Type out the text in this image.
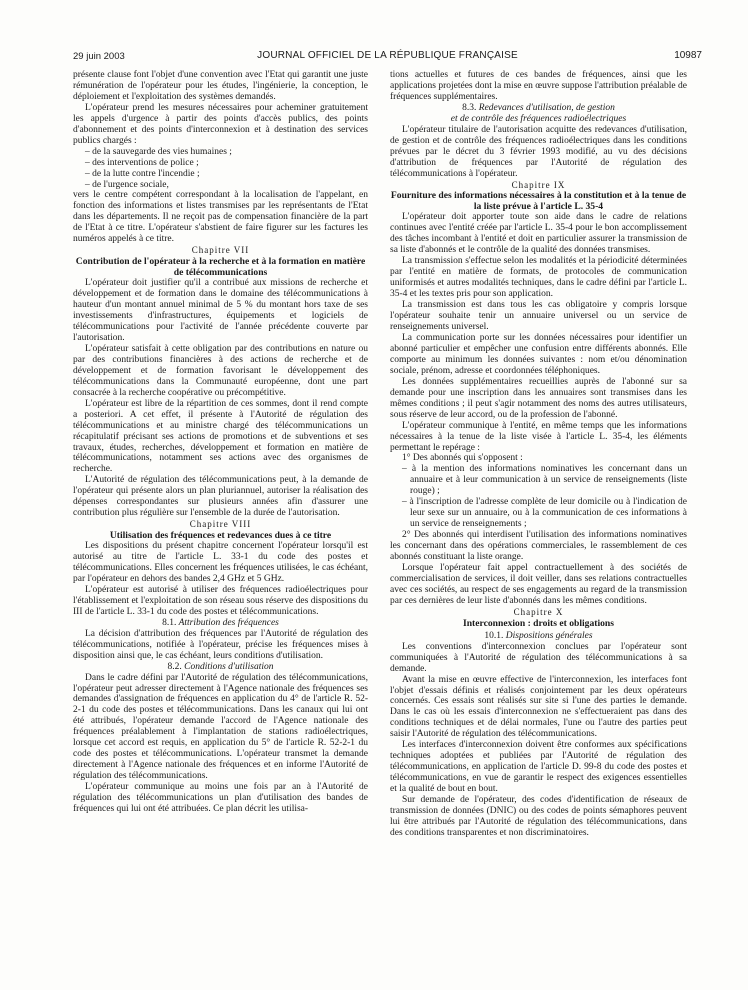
29 juin 2003	JOURNAL OFFICIEL DE LA RÉPUBLIQUE FRANÇAISE	10987

présente clause font l'objet d'une convention avec l'Etat qui garantit une juste rémunération de l'opérateur pour les études, l'ingénierie, la conception, le déploiement et l'exploitation des systèmes demandés.

L'opérateur prend les mesures nécessaires pour acheminer gratuitement les appels d'urgence à partir des points d'accès publics, des points d'abonnement et des points d'interconnexion et à destination des services publics chargés :

– de la sauvegarde des vies humaines ;
– des interventions de police ;
– de la lutte contre l'incendie ;
– de l'urgence sociale,

vers le centre compétent correspondant à la localisation de l'appelant, en fonction des informations et listes transmises par les représentants de l'Etat dans les départements. Il ne reçoit pas de compensation financière de la part de l'Etat à ce titre. L'opérateur s'abstient de faire figurer sur les factures les numéros appelés à ce titre.

Chapitre VII

Contribution de l'opérateur à la recherche et à la formation en matière de télécommunications

L'opérateur doit justifier qu'il a contribué aux missions de recherche et développement et de formation dans le domaine des télécommunications à hauteur d'un montant annuel minimal de 5 % du montant hors taxe de ses investissements d'infrastructures, équipements et logiciels de télécommunications pour l'activité de l'année précédente couverte par l'autorisation.

L'opérateur satisfait à cette obligation par des contributions en nature ou par des contributions financières à des actions de recherche et de développement et de formation favorisant le développement des télécommunications dans la Communauté européenne, dont une part consacrée à la recherche coopérative ou précompétitive.

L'opérateur est libre de la répartition de ces sommes, dont il rend compte a posteriori. A cet effet, il présente à l'Autorité de régulation des télécommunications et au ministre chargé des télécommunications un récapitulatif précisant ses actions de promotions et de subventions et ses travaux, études, recherches, développement et formation en matière de télécommunications, notamment ses actions avec des organismes de recherche.

L'Autorité de régulation des télécommunications peut, à la demande de l'opérateur qui présente alors un plan pluriannuel, autoriser la réalisation des dépenses correspondantes sur plusieurs années afin d'assurer une contribution plus régulière sur l'ensemble de la durée de l'autorisation.

Chapitre VIII

Utilisation des fréquences et redevances dues à ce titre

Les dispositions du présent chapitre concernent l'opérateur lorsqu'il est autorisé au titre de l'article L. 33-1 du code des postes et télécommunications. Elles concernent les fréquences utilisées, le cas échéant, par l'opérateur en dehors des bandes 2,4 GHz et 5 GHz.

L'opérateur est autorisé à utiliser des fréquences radioélectriques pour l'établissement et l'exploitation de son réseau sous réserve des dispositions du III de l'article L. 33-1 du code des postes et télécommunications.

8.1. Attribution des fréquences

La décision d'attribution des fréquences par l'Autorité de régulation des télécommunications, notifiée à l'opérateur, précise les fréquences mises à disposition ainsi que, le cas échéant, leurs conditions d'utilisation.

8.2. Conditions d'utilisation

Dans le cadre défini par l'Autorité de régulation des télécommunications, l'opérateur peut adresser directement à l'Agence nationale des fréquences ses demandes d'assignation de fréquences en application du 4° de l'article R. 52-2-1 du code des postes et télécommunications. Dans les canaux qui lui ont été attribués, l'opérateur demande l'accord de l'Agence nationale des fréquences préalablement à l'implantation de stations radioélectriques, lorsque cet accord est requis, en application du 5° de l'article R. 52-2-1 du code des postes et télécommunications. L'opérateur transmet la demande directement à l'Agence nationale des fréquences et en informe l'Autorité de régulation des télécommunications.

L'opérateur communique au moins une fois par an à l'Autorité de régulation des télécommunications un plan d'utilisation des bandes de fréquences qui lui ont été attribuées. Ce plan décrit les utilisa-

tions actuelles et futures de ces bandes de fréquences, ainsi que les applications projetées dont la mise en œuvre suppose l'attribution préalable de fréquences supplémentaires.

8.3. Redevances d'utilisation, de gestion

et de contrôle des fréquences radioélectriques

L'opérateur titulaire de l'autorisation acquitte des redevances d'utilisation, de gestion et de contrôle des fréquences radioélectriques dans les conditions prévues par le décret du 3 février 1993 modifié, au vu des décisions d'attribution de fréquences par l'Autorité de régulation des télécommunications à l'opérateur.

Chapitre IX

Fourniture des informations nécessaires à la constitution et à la tenue de la liste prévue à l'article L. 35-4

L'opérateur doit apporter toute son aide dans le cadre de relations continues avec l'entité créée par l'article L. 35-4 pour le bon accomplissement des tâches incombant à l'entité et doit en particulier assurer la transmission de sa liste d'abonnés et le contrôle de la qualité des données transmises.

La transmission s'effectue selon les modalités et la périodicité déterminées par l'entité en matière de formats, de protocoles de communication uniformisés et autres modalités techniques, dans le cadre défini par l'article L. 35-4 et les textes pris pour son application.

La transmission est dans tous les cas obligatoire y compris lorsque l'opérateur souhaite tenir un annuaire universel ou un service de renseignements universel.

La communication porte sur les données nécessaires pour identifier un abonné particulier et empêcher une confusion entre différents abonnés. Elle comporte au minimum les données suivantes : nom et/ou dénomination sociale, prénom, adresse et coordonnées téléphoniques.

Les données supplémentaires recueillies auprès de l'abonné sur sa demande pour une inscription dans les annuaires sont transmises dans les mêmes conditions ; il peut s'agir notamment des noms des autres utilisateurs, sous réserve de leur accord, ou de la profession de l'abonné.

L'opérateur communique à l'entité, en même temps que les informations nécessaires à la tenue de la liste visée à l'article L. 35-4, les éléments permettant le repérage :

1° Des abonnés qui s'opposent :

– à la mention des informations nominatives les concernant dans un annuaire et à leur communication à un service de renseignements (liste rouge) ;
– à l'inscription de l'adresse complète de leur domicile ou à l'indication de leur sexe sur un annuaire, ou à la communication de ces informations à un service de renseignements ;

2° Des abonnés qui interdisent l'utilisation des informations nominatives les concernant dans des opérations commerciales, le rassemblement de ces abonnés constituant la liste orange.

Lorsque l'opérateur fait appel contractuellement à des sociétés de commercialisation de services, il doit veiller, dans ses relations contractuelles avec ces sociétés, au respect de ses engagements au regard de la transmission par ces dernières de leur liste d'abonnés dans les mêmes conditions.

Chapitre X

Interconnexion : droits et obligations

10.1. Dispositions générales

Les conventions d'interconnexion conclues par l'opérateur sont communiquées à l'Autorité de régulation des télécommunications à sa demande.

Avant la mise en œuvre effective de l'interconnexion, les interfaces font l'objet d'essais définis et réalisés conjointement par les deux opérateurs concernés. Ces essais sont réalisés sur site si l'une des parties le demande. Dans le cas où les essais d'interconnexion ne s'effectueraient pas dans des conditions techniques et de délai normales, l'une ou l'autre des parties peut saisir l'Autorité de régulation des télécommunications.

Les interfaces d'interconnexion doivent être conformes aux spécifications techniques adoptées et publiées par l'Autorité de régulation des télécommunications, en application de l'article D. 99-8 du code des postes et télécommunications, en vue de garantir le respect des exigences essentielles et la qualité de bout en bout.

Sur demande de l'opérateur, des codes d'identification de réseaux de transmission de données (DNIC) ou des codes de points sémaphores peuvent lui être attribués par l'Autorité de régulation des télécommunications, dans des conditions transparentes et non discriminatoires.
